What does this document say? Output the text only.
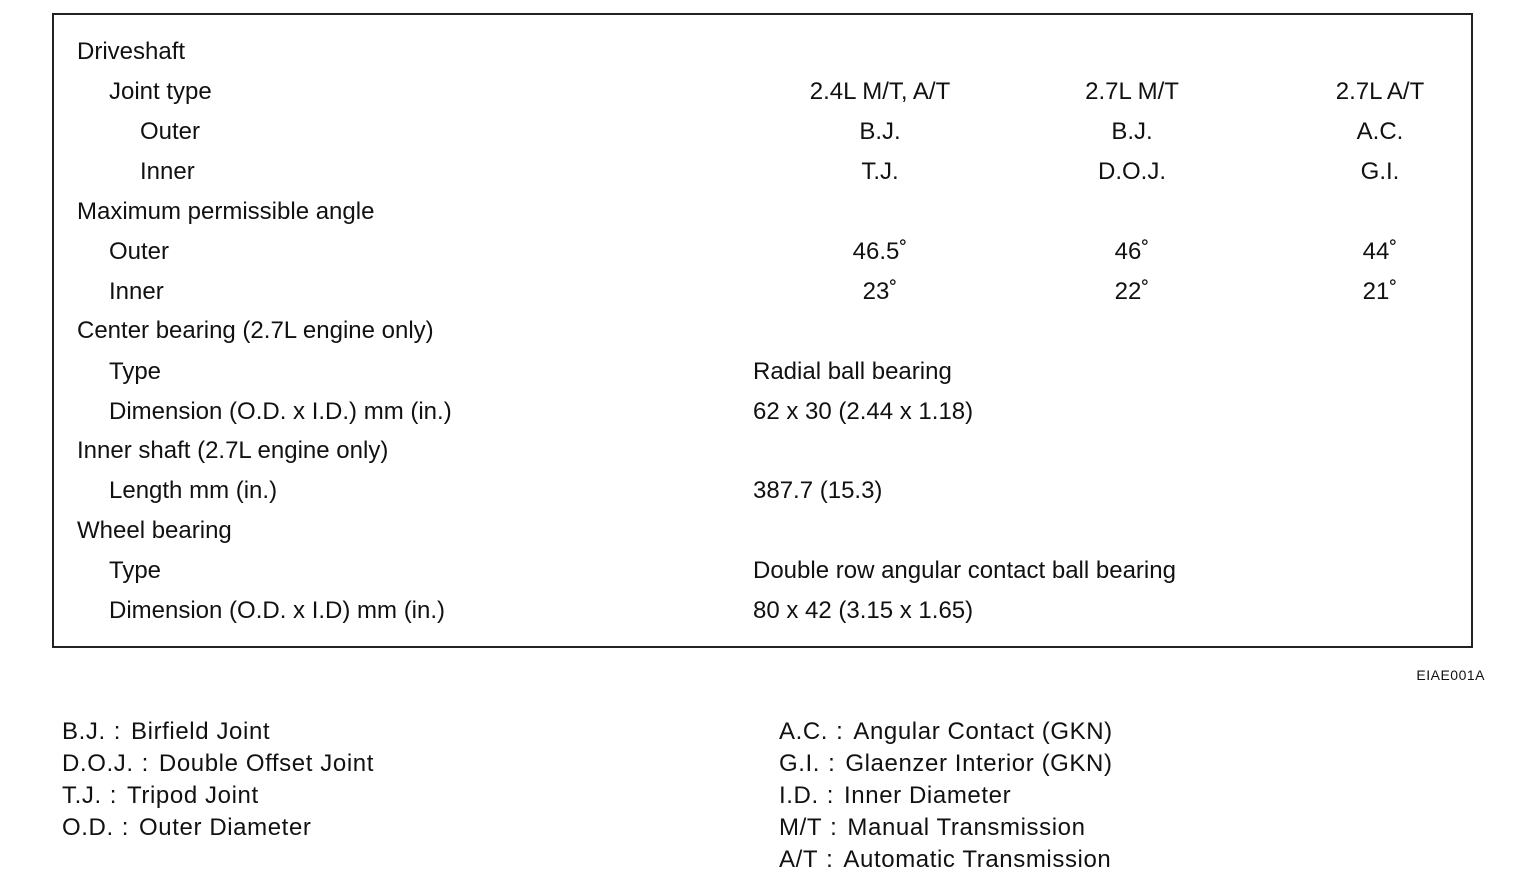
Driveshaft
Joint type	2.4L M/T, A/T	2.7L M/T	2.7L A/T
Outer	B.J.	B.J.	A.C.
Inner	T.J.	D.O.J.	G.I.
Maximum permissible angle
Outer	46.5˚	46˚	44˚
Inner	23˚	22˚	21˚
Center bearing (2.7L engine only)
Type	Radial ball bearing
Dimension (O.D. x I.D.) mm (in.)	62 x 30 (2.44 x 1.18)
Inner shaft (2.7L engine only)
Length mm (in.)	387.7 (15.3)
Wheel bearing
Type	Double row angular contact ball bearing
Dimension (O.D. x I.D) mm (in.)	80 x 42 (3.15 x 1.65)
EIAE001A
B.J. : Birfield Joint
D.O.J. : Double Offset Joint
T.J. : Tripod Joint
O.D. : Outer Diameter
A.C. : Angular Contact (GKN)
G.I. : Glaenzer Interior (GKN)
I.D. : Inner Diameter
M/T : Manual Transmission
A/T : Automatic Transmission
